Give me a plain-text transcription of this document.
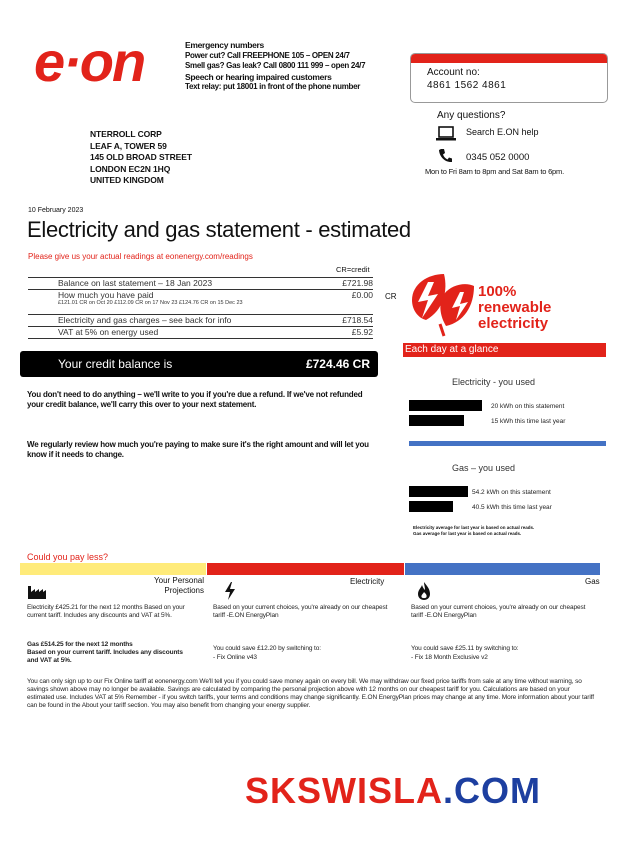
e·on	Emergency numbers
Power cut? Call FREEPHONE 105 – OPEN 24/7
Smell gas? Gas leak? Call 0800 111 999 – open 24/7
Speech or hearing impaired customers
Text relay: put 18001 in front of the phone number
Account no:
4861 1562 4861
Any questions?
Search E.ON help
0345 052 0000
Mon to Fri 8am to 8pm and Sat 8am to 6pm.
NTERROLL CORP
LEAF A, TOWER 59
145 OLD BROAD STREET
LONDON EC2N 1HQ
UNITED KINGDOM
10 February 2023
Electricity and gas statement - estimated
Please give us your actual readings at eonenergy.com/readings
CR=credit
Balance on last statement – 18 Jan 2023	£721.98
How much you have paid	£0.00
£121.01 CR on Oct 20 £112.09 CR on 17 Nov 23 £124.76 CR on 15 Dec 23
Electricity and gas charges – see back for info	£718.54
VAT at 5% on energy used	£5.92
CR
Your credit balance is	£724.46 CR
You don't need to do anything – we'll write to you if you're due a refund. If we've not refunded your credit balance, we'll carry this over to your next statement.
We regularly review how much you're paying to make sure it's the right amount and will let you know if it needs to change.
100%
renewable
electricity
Each day at a glance
Electricity - you used
20 kWh on this statement
15 kWh this time last year
Gas – you used
54.2 kWh on this statement
40.5 kWh this time last year
Electricity average for last year is based on actual reads.
Gas average for last year is based on actual reads.
Could you pay less?
Your Personal
Projections
Electricity	Gas
Electricity £425.21 for the next 12 months Based on your current tariff. Includes any discounts and VAT at 5%.
Gas £514.25 for the next 12 months
Based on your current tariff. Includes any discounts and VAT at 5%.
Based on your current choices, you're already on our cheapest tariff -E.ON EnergyPlan
You could save £12.20 by switching to:
- Fix Online v43
Based on your current choices, you're already on our cheapest tariff -E.ON EnergyPlan
You could save £25.11 by switching to:
- Fix 18 Month Exclusive v2
You can only sign up to our Fix Online tariff at eonenergy.com We'll tell you if you could save money again on every bill. We may withdraw our fixed price tariffs from sale at any time without warning, so savings shown above may no longer be available. Savings are calculated by comparing the personal projection above with 12 months on our cheapest tariff for you. Calculations are based on your estimated use. Includes VAT at 5% Remember - if you switch tariffs, your terms and conditions may change significantly. E.ON EnergyPlan prices may change at any time. More information about your tariff can be found in the About your tariff section. You may also benefit from changing your energy supplier.
SKSWISLA.COM
